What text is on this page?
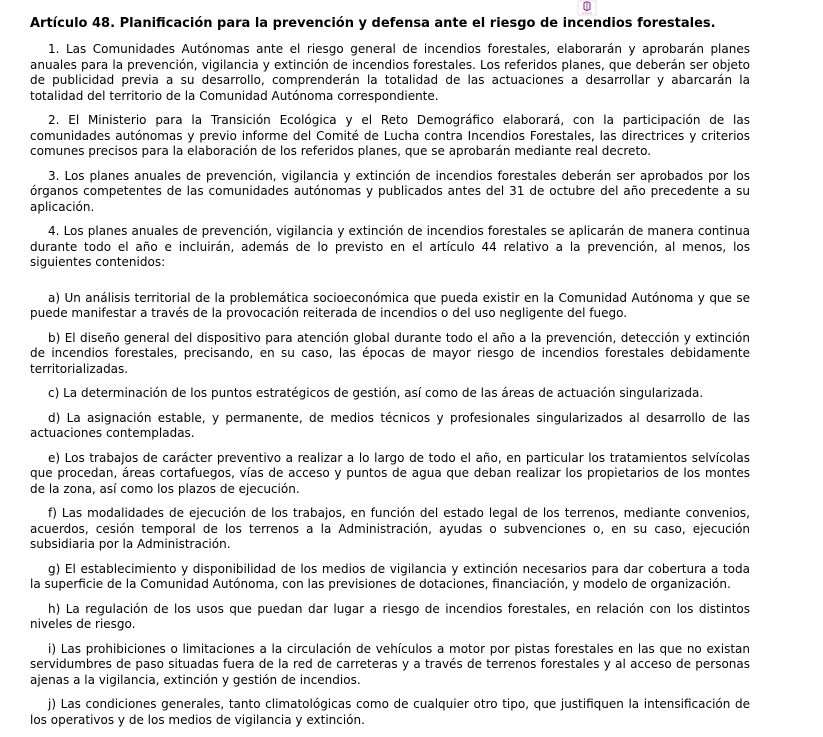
Artículo 48. Planificación para la prevención y defensa ante el riesgo de incendios forestales.

1. Las Comunidades Autónomas ante el riesgo general de incendios forestales, elaborarán y aprobarán planes anuales para la prevención, vigilancia y extinción de incendios forestales. Los referidos planes, que deberán ser objeto de publicidad previa a su desarrollo, comprenderán la totalidad de las actuaciones a desarrollar y abarcarán la totalidad del territorio de la Comunidad Autónoma correspondiente.

2. El Ministerio para la Transición Ecológica y el Reto Demográfico elaborará, con la participación de las comunidades autónomas y previo informe del Comité de Lucha contra Incendios Forestales, las directrices y criterios comunes precisos para la elaboración de los referidos planes, que se aprobarán mediante real decreto.

3. Los planes anuales de prevención, vigilancia y extinción de incendios forestales deberán ser aprobados por los órganos competentes de las comunidades autónomas y publicados antes del 31 de octubre del año precedente a su aplicación.

4. Los planes anuales de prevención, vigilancia y extinción de incendios forestales se aplicarán de manera continua durante todo el año e incluirán, además de lo previsto en el artículo 44 relativo a la prevención, al menos, los siguientes contenidos:

a) Un análisis territorial de la problemática socioeconómica que pueda existir en la Comunidad Autónoma y que se puede manifestar a través de la provocación reiterada de incendios o del uso negligente del fuego.

b) El diseño general del dispositivo para atención global durante todo el año a la prevención, detección y extinción de incendios forestales, precisando, en su caso, las épocas de mayor riesgo de incendios forestales debidamente territorializadas.

c) La determinación de los puntos estratégicos de gestión, así como de las áreas de actuación singularizada.

d) La asignación estable, y permanente, de medios técnicos y profesionales singularizados al desarrollo de las actuaciones contempladas.

e) Los trabajos de carácter preventivo a realizar a lo largo de todo el año, en particular los tratamientos selvícolas que procedan, áreas cortafuegos, vías de acceso y puntos de agua que deban realizar los propietarios de los montes de la zona, así como los plazos de ejecución.

f) Las modalidades de ejecución de los trabajos, en función del estado legal de los terrenos, mediante convenios, acuerdos, cesión temporal de los terrenos a la Administración, ayudas o subvenciones o, en su caso, ejecución subsidiaria por la Administración.

g) El establecimiento y disponibilidad de los medios de vigilancia y extinción necesarios para dar cobertura a toda la superficie de la Comunidad Autónoma, con las previsiones de dotaciones, financiación, y modelo de organización.

h) La regulación de los usos que puedan dar lugar a riesgo de incendios forestales, en relación con los distintos niveles de riesgo.

i) Las prohibiciones o limitaciones a la circulación de vehículos a motor por pistas forestales en las que no existan servidumbres de paso situadas fuera de la red de carreteras y a través de terrenos forestales y al acceso de personas ajenas a la vigilancia, extinción y gestión de incendios.

j) Las condiciones generales, tanto climatológicas como de cualquier otro tipo, que justifiquen la intensificación de los operativos y de los medios de vigilancia y extinción.
